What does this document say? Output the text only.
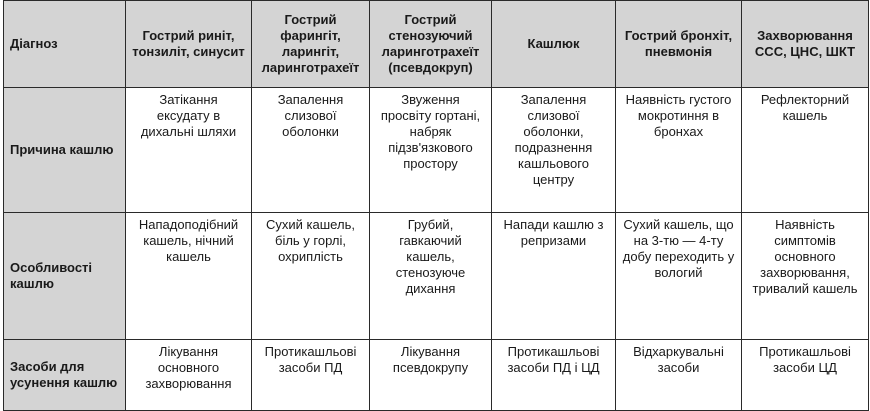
Діагноз	Гострий риніт, тонзиліт, синусит	Гострий фарингіт, ларингіт, ларинготрахеїт	Гострий стенозуючий ларинготрахеїт (псевдокруп)	Кашлюк	Гострий бронхіт, пневмонія	Захворювання ССС, ЦНС, ШКТ
Причина кашлю	Затікання ексудату в дихальні шляхи	Запалення слизової оболонки	Звуження просвіту гортані, набряк підзв'язкового простору	Запалення слизової оболонки, подразнення кашльового центру	Наявність густого мокротиння в бронхах	Рефлекторний кашель
Особливості кашлю	Нападоподібний кашель, нічний кашель	Сухий кашель, біль у горлі, охриплість	Грубий, гавкаючий кашель, стенозуюче дихання	Напади кашлю з репризами	Сухий кашель, що на 3-тю — 4-ту добу переходить у вологий	Наявність симптомів основного захворювання, тривалий кашель
Засоби для усунення кашлю	Лікування основного захворювання	Протикашльові засоби ПД	Лікування псевдокрупу	Протикашльові засоби ПД і ЦД	Відхаркувальні засоби	Протикашльові засоби ЦД
